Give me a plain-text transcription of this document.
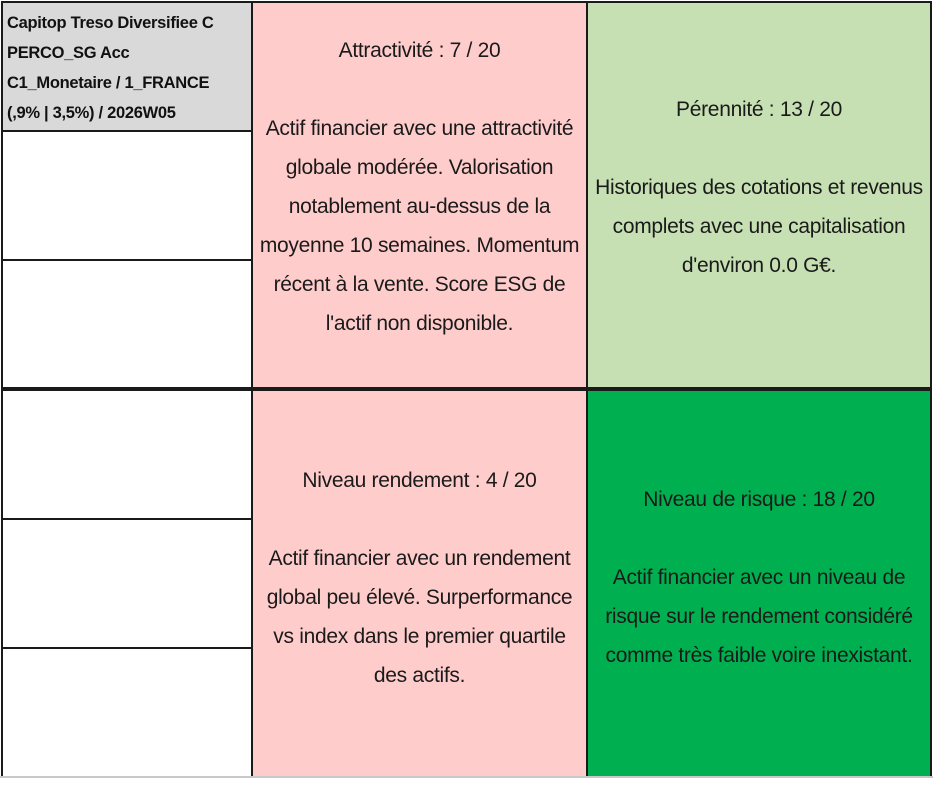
Capitop Treso Diversifiee C
PERCO_SG Acc
C1_Monetaire / 1_FRANCE
(,9% | 3,5%) / 2026W05

Attractivité : 7 / 20

Actif financier avec une attractivité globale modérée. Valorisation notablement au-dessus de la moyenne 10 semaines. Momentum récent à la vente. Score ESG de l'actif non disponible.

Pérennité : 13 / 20

Historiques des cotations et revenus complets avec une capitalisation d'environ 0.0 G€.

Niveau rendement : 4 / 20

Actif financier avec un rendement global peu élevé. Surperformance vs index dans le premier quartile des actifs.

Niveau de risque : 18 / 20

Actif financier avec un niveau de risque sur le rendement considéré comme très faible voire inexistant.
